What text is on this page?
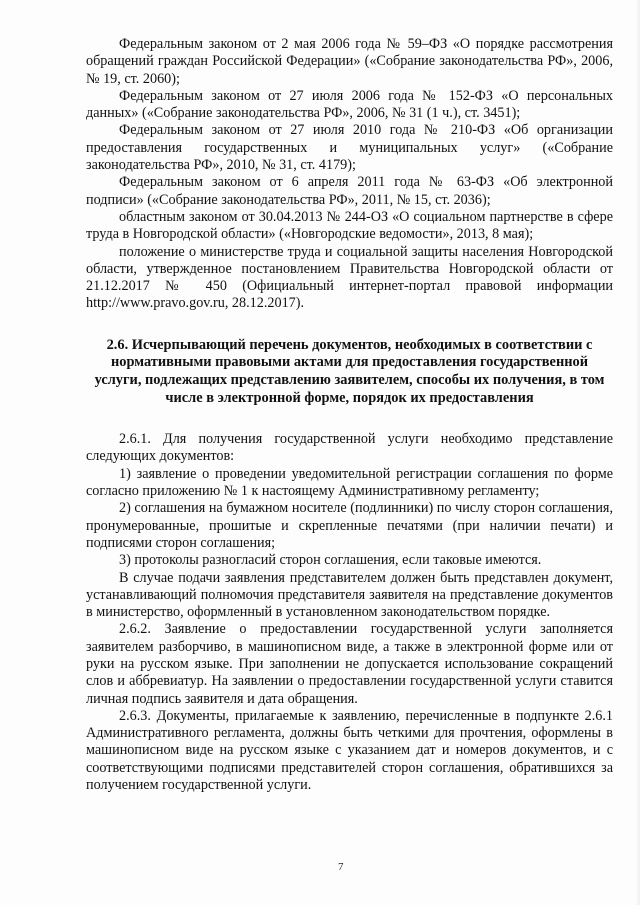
Федеральным законом от 2 мая 2006 года № 59–ФЗ «О порядке рассмотрения обращений граждан Российской Федерации» («Собрание законодательства РФ», 2006, № 19, ст. 2060);

Федеральным законом от 27 июля 2006 года № 152-ФЗ «О персональных данных» («Собрание законодательства РФ», 2006, № 31 (1 ч.), ст. 3451);

Федеральным законом от 27 июля 2010 года № 210-ФЗ «Об организации предоставления государственных и муниципальных услуг» («Собрание законодательства РФ», 2010, № 31, ст. 4179);

Федеральным законом от 6 апреля 2011 года № 63-ФЗ «Об электронной подписи» («Собрание законодательства РФ», 2011, № 15, ст. 2036);

областным законом от 30.04.2013 № 244-ОЗ «О социальном партнерстве в сфере труда в Новгородской области» («Новгородские ведомости», 2013, 8 мая);

положение о министерстве труда и социальной защиты населения Новгородской области, утвержденное постановлением Правительства Новгородской области от 21.12.2017 № 450 (Официальный интернет-портал правовой информации http://www.pravo.gov.ru, 28.12.2017).

2.6. Исчерпывающий перечень документов, необходимых в соответствии с нормативными правовыми актами для предоставления государственной услуги, подлежащих представлению заявителем, способы их получения, в том числе в электронной форме, порядок их предоставления

2.6.1. Для получения государственной услуги необходимо представление следующих документов:

1) заявление о проведении уведомительной регистрации соглашения по форме согласно приложению № 1 к настоящему Административному регламенту;

2) соглашения на бумажном носителе (подлинники) по числу сторон соглашения, пронумерованные, прошитые и скрепленные печатями (при наличии печати) и подписями сторон соглашения;

3) протоколы разногласий сторон соглашения, если таковые имеются.

В случае подачи заявления представителем должен быть представлен документ, устанавливающий полномочия представителя заявителя на представление документов в министерство, оформленный в установленном законодательством порядке.

2.6.2. Заявление о предоставлении государственной услуги заполняется заявителем разборчиво, в машинописном виде, а также в электронной форме или от руки на русском языке. При заполнении не допускается использование сокращений слов и аббревиатур. На заявлении о предоставлении государственной услуги ставится личная подпись заявителя и дата обращения.

2.6.3. Документы, прилагаемые к заявлению, перечисленные в подпункте 2.6.1 Административного регламента, должны быть четкими для прочтения, оформлены в машинописном виде на русском языке с указанием дат и номеров документов, и с соответствующими подписями представителей сторон соглашения, обратившихся за получением государственной услуги.

7
